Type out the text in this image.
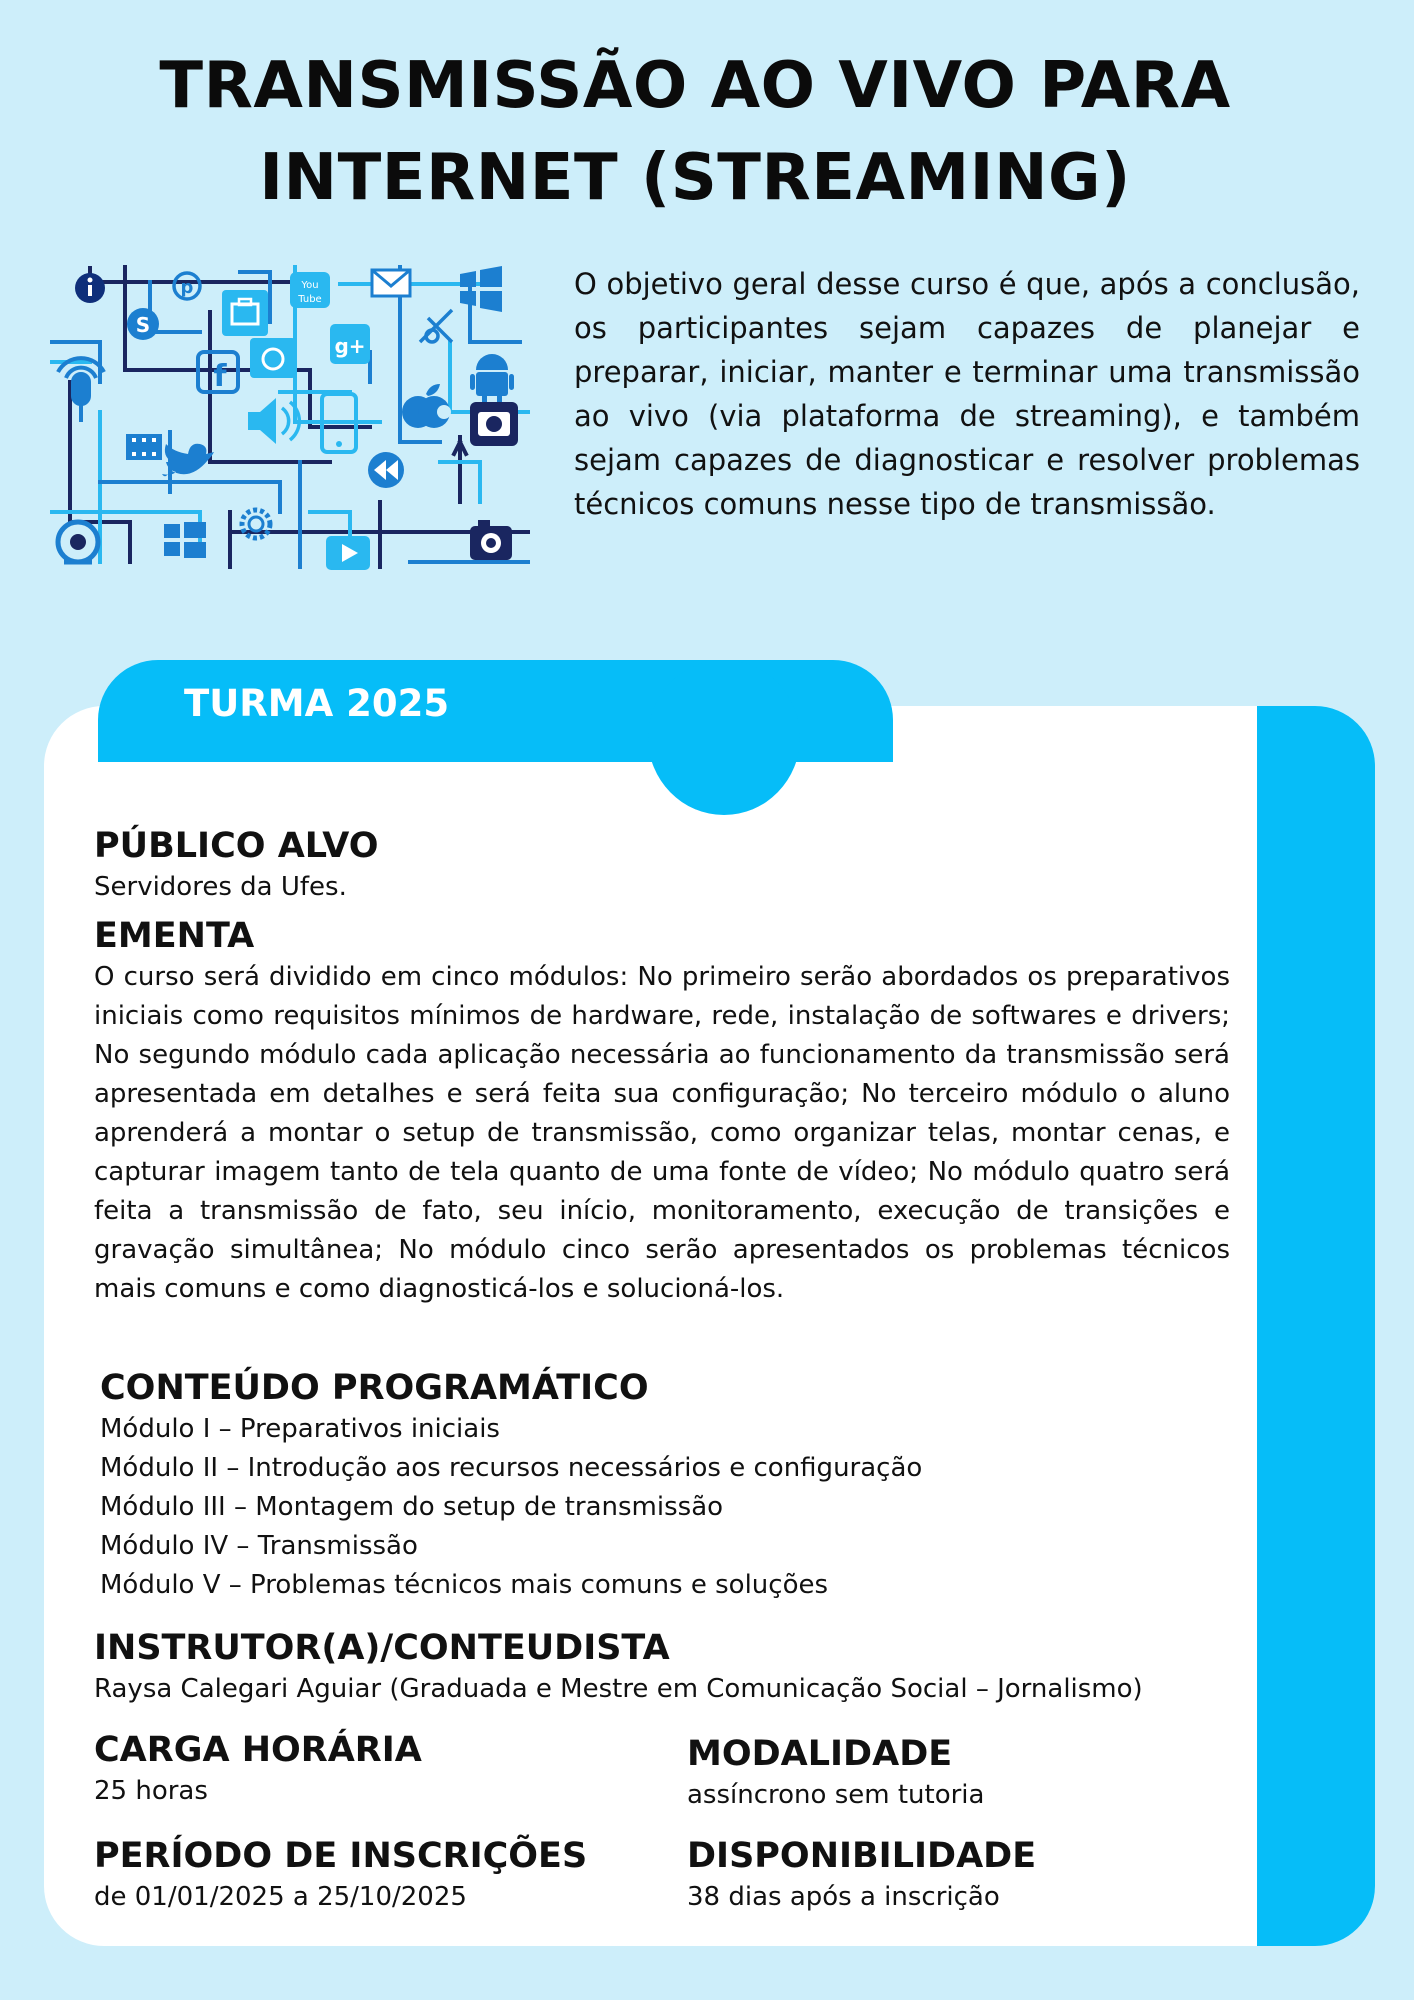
TRANSMISSÃO AO VIVO PARA
INTERNET (STREAMING)
p	You
Tube
S
f
g+

O objetivo geral desse curso é que, após a conclusão, os participantes sejam capazes de planejar e preparar, iniciar, manter e terminar uma transmissão ao vivo (via plataforma de streaming), e também sejam capazes de diagnosticar e resolver problemas técnicos comuns nesse tipo de transmissão.

TURMA 2025

PÚBLICO ALVO

Servidores da Ufes.

EMENTA

O curso será dividido em cinco módulos: No primeiro serão abordados os preparativos iniciais como requisitos mínimos de hardware, rede, instalação de softwares e drivers; No segundo módulo cada aplicação necessária ao funcionamento da transmissão será apresentada em detalhes e será feita sua configuração; No terceiro módulo o aluno aprenderá a montar o setup de transmissão, como organizar telas, montar cenas, e capturar imagem tanto de tela quanto de uma fonte de vídeo; No módulo quatro será feita a transmissão de fato, seu início, monitoramento, execução de transições e gravação simultânea; No módulo cinco serão apresentados os problemas técnicos mais comuns e como diagnosticá-los e solucioná-los.

CONTEÚDO PROGRAMÁTICO
Módulo I – Preparativos iniciais
Módulo II – Introdução aos recursos necessários e configuração
Módulo III – Montagem do setup de transmissão
Módulo IV – Transmissão
Módulo V – Problemas técnicos mais comuns e soluções
INSTRUTOR(A)/CONTEUDISTA

Raysa Calegari Aguiar (Graduada e Mestre em Comunicação Social – Jornalismo)

CARGA HORÁRIA

25 horas

MODALIDADE

assíncrono sem tutoria

PERÍODO DE INSCRIÇÕES

de 01/01/2025 a 25/10/2025

DISPONIBILIDADE

38 dias após a inscrição
